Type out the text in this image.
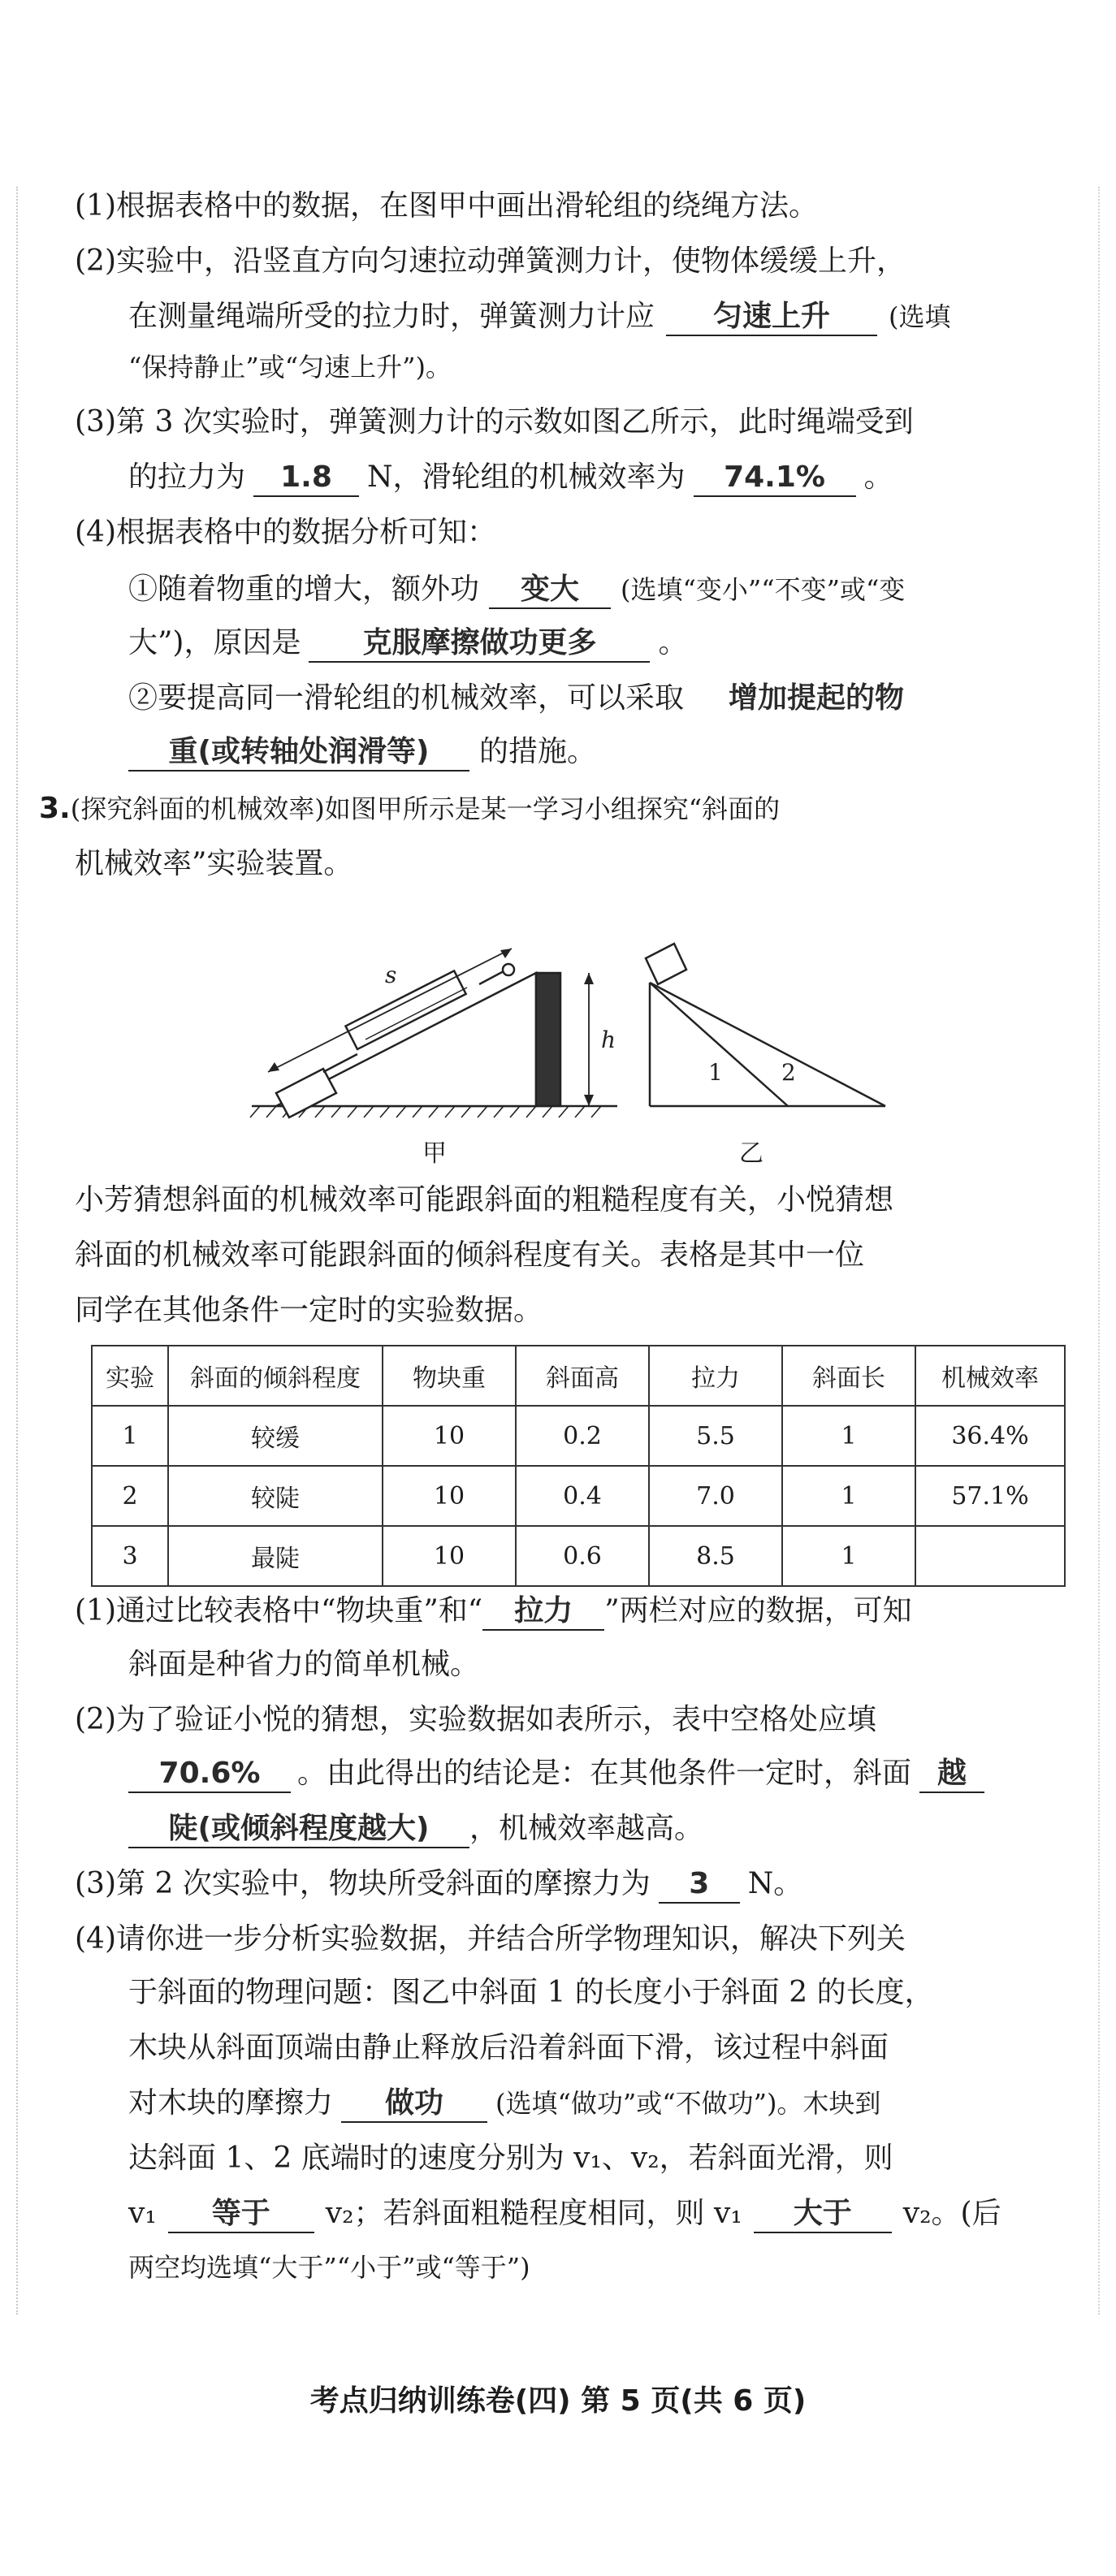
(1)根据表格中的数据，在图甲中画出滑轮组的绕绳方法。
(2)实验中，沿竖直方向匀速拉动弹簧测力计，使物体缓缓上升，
在测量绳端所受的拉力时，弹簧测力计应 匀速上升 (选填
“保持静止”或“匀速上升”)。
(3)第 3 次实验时，弹簧测力计的示数如图乙所示，此时绳端受到
的拉力为 1.8 N，滑轮组的机械效率为 74.1% 。
(4)根据表格中的数据分析可知：
①随着物重的增大，额外功 变大 (选填“变小”“不变”或“变
大”)，原因是 克服摩擦做功更多 。
②要提高同一滑轮组的机械效率，可以采取 增加提起的物
重(或转轴处润滑等) 的措施。
3.(探究斜面的机械效率)如图甲所示是某一学习小组探究“斜面的
机械效率”实验装置。
s
h
甲
1	2
乙
小芳猜想斜面的机械效率可能跟斜面的粗糙程度有关，小悦猜想
斜面的机械效率可能跟斜面的倾斜程度有关。表格是其中一位
同学在其他条件一定时的实验数据。
实验	斜面的倾斜程度	物块重	斜面高	拉力	斜面长	机械效率
1	较缓	10	0.2	5.5	1	36.4%
2	较陡	10	0.4	7.0	1	57.1%
3	最陡	10	0.6	8.5	1	
(1)通过比较表格中“物块重”和“ 拉力 ”两栏对应的数据，可知
斜面是种省力的简单机械。
(2)为了验证小悦的猜想，实验数据如表所示，表中空格处应填
70.6% 。由此得出的结论是：在其他条件一定时，斜面 越
陡(或倾斜程度越大) ，机械效率越高。
(3)第 2 次实验中，物块所受斜面的摩擦力为 3 N。
(4)请你进一步分析实验数据，并结合所学物理知识，解决下列关
于斜面的物理问题：图乙中斜面 1 的长度小于斜面 2 的长度，
木块从斜面顶端由静止释放后沿着斜面下滑，该过程中斜面
对木块的摩擦力 做功 (选填“做功”或“不做功”)。木块到
达斜面 1、2 底端时的速度分别为 v₁、v₂，若斜面光滑，则
v₁ 等于 v₂；若斜面粗糙程度相同，则 v₁ 大于 v₂。(后
两空均选填“大于”“小于”或“等于”)
考点归纳训练卷(四) 第 5 页(共 6 页)
